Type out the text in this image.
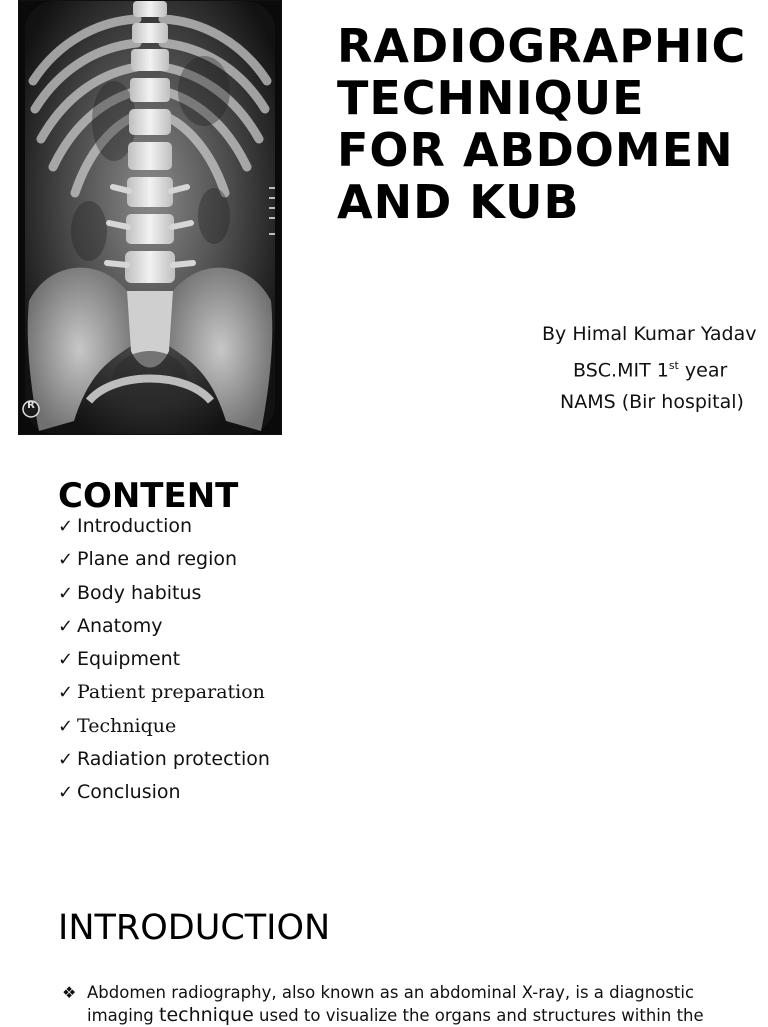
R
RADIOGRAPHIC
TECHNIQUE
FOR ABDOMEN
AND KUB
By Himal Kumar Yadav
BSC.MIT 1st year
NAMS (Bir hospital)
CONTENT
✓ Introduction
✓ Plane and region
✓ Body habitus
✓ Anatomy
✓ Equipment
✓ Patient preparation
✓ Technique
✓ Radiation protection
✓ Conclusion
INTRODUCTION
❖ Abdomen radiography, also known as an abdominal X-ray, is a diagnostic imaging technique used to visualize the organs and structures within the
